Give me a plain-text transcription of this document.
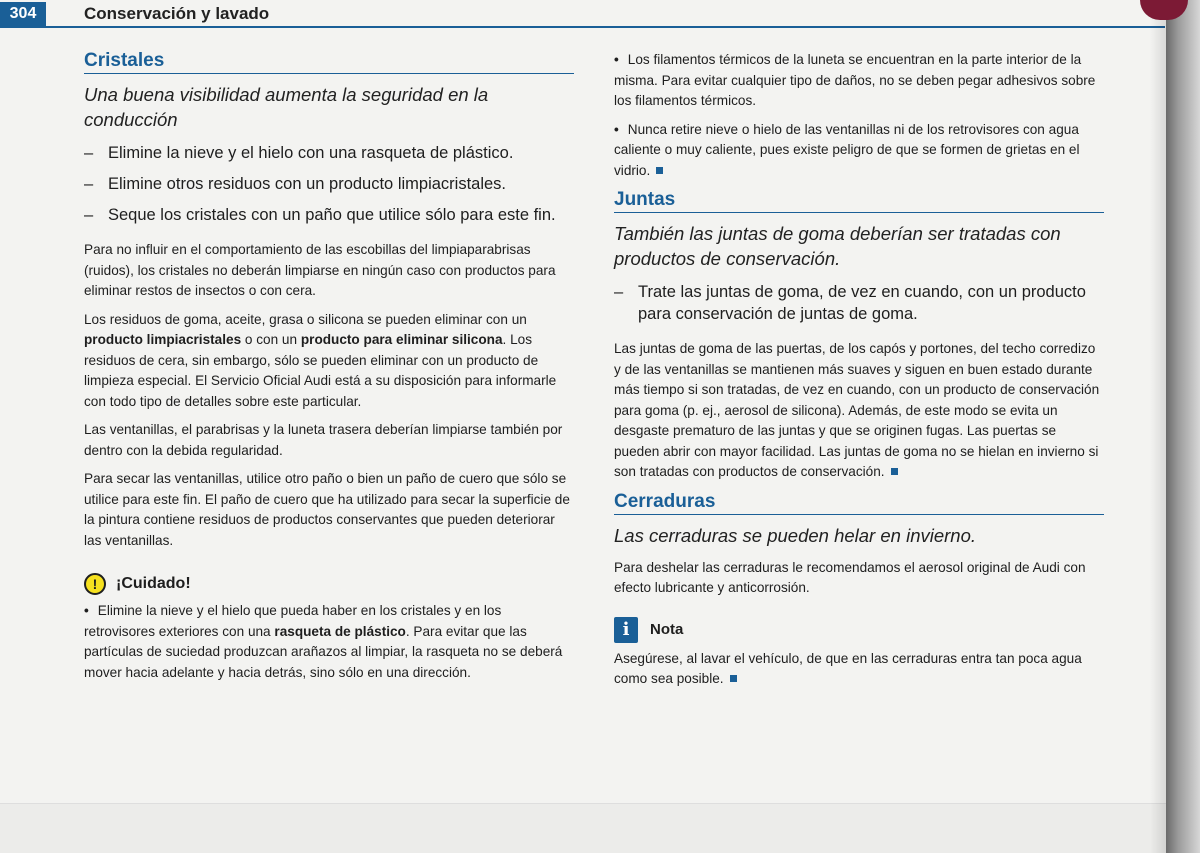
304	Conservación y lavado
Cristales
Una buena visibilidad aumenta la seguridad en la conducción
– Elimine la nieve y el hielo con una rasqueta de plástico.
– Elimine otros residuos con un producto limpiacristales.
– Seque los cristales con un paño que utilice sólo para este fin.

Para no influir en el comportamiento de las escobillas del limpiaparabrisas (ruidos), los cristales no deberán limpiarse en ningún caso con productos para eliminar restos de insectos o con cera.

Los residuos de goma, aceite, grasa o silicona se pueden eliminar con un producto limpiacristales o con un producto para eliminar silicona. Los residuos de cera, sin embargo, sólo se pueden eliminar con un producto de limpieza especial. El Servicio Oficial Audi está a su disposición para informarle con todo tipo de detalles sobre este particular.

Las ventanillas, el parabrisas y la luneta trasera deberían limpiarse también por dentro con la debida regularidad.

Para secar las ventanillas, utilice otro paño o bien un paño de cuero que sólo se utilice para este fin. El paño de cuero que ha utilizado para secar la superficie de la pintura contiene residuos de productos conservantes que pueden deteriorar las ventanillas.

!	¡Cuidado!

• Elimine la nieve y el hielo que pueda haber en los cristales y en los retrovisores exteriores con una rasqueta de plástico. Para evitar que las partículas de suciedad produzcan arañazos al limpiar, la rasqueta no se deberá mover hacia adelante y hacia detrás, sino sólo en una dirección.

• Los filamentos térmicos de la luneta se encuentran en la parte interior de la misma. Para evitar cualquier tipo de daños, no se deben pegar adhesivos sobre los filamentos térmicos.

• Nunca retire nieve o hielo de las ventanillas ni de los retrovisores con agua caliente o muy caliente, pues existe peligro de que se formen de grietas en el vidrio.

Juntas
También las juntas de goma deberían ser tratadas con productos de conservación.
– Trate las juntas de goma, de vez en cuando, con un producto para conservación de juntas de goma.

Las juntas de goma de las puertas, de los capós y portones, del techo corredizo y de las ventanillas se mantienen más suaves y siguen en buen estado durante más tiempo si son tratadas, de vez en cuando, con un producto de conservación para goma (p. ej., aerosol de silicona). Además, de este modo se evita un desgaste prematuro de las juntas y que se originen fugas. Las puertas se pueden abrir con mayor facilidad. Las juntas de goma no se hielan en invierno si son tratadas con productos de conservación.

Cerraduras
Las cerraduras se pueden helar en invierno.

Para deshelar las cerraduras le recomendamos el aerosol original de Audi con efecto lubricante y anticorrosión.

i	Nota

Asegúrese, al lavar el vehículo, de que en las cerraduras entra tan poca agua como sea posible.
